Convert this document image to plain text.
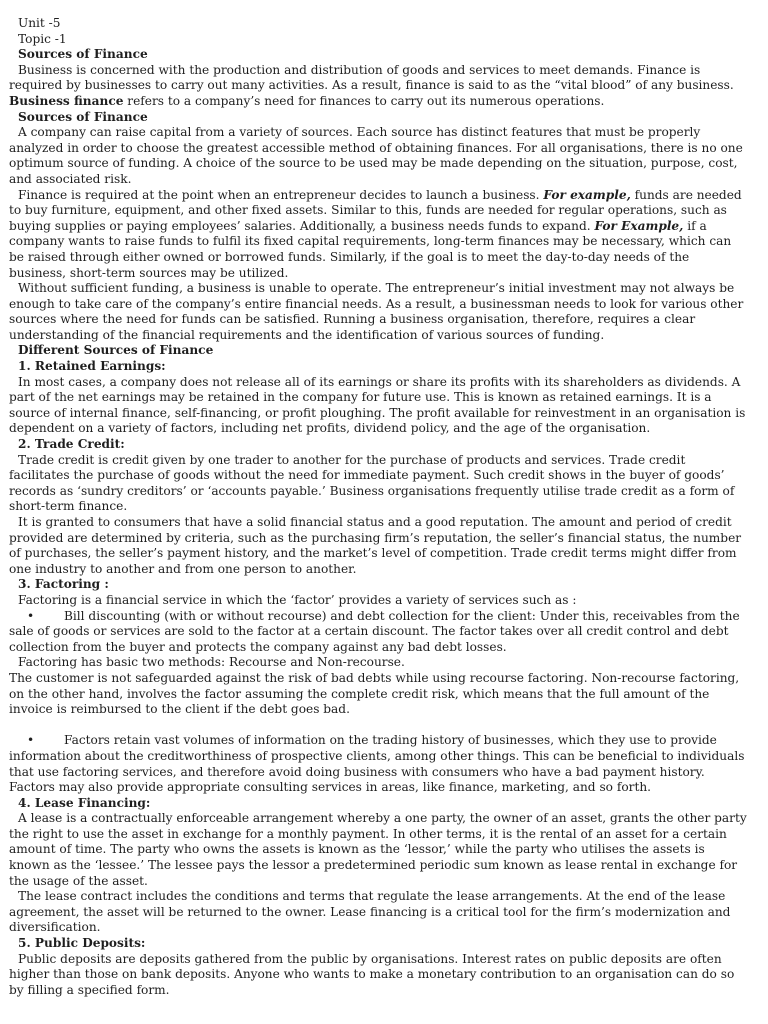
Unit -5

Topic -1

Sources of Finance

Business is concerned with the production and distribution of goods and services to meet demands. Finance is required by businesses to carry out many activities. As a result, finance is said to as the “vital blood” of any business. Business finance refers to a company’s need for finances to carry out its numerous operations.

Sources of Finance

A company can raise capital from a variety of sources. Each source has distinct features that must be properly analyzed in order to choose the greatest accessible method of obtaining finances. For all organisations, there is no one optimum source of funding. A choice of the source to be used may be made depending on the situation, purpose, cost, and associated risk.

Finance is required at the point when an entrepreneur decides to launch a business. For example, funds are needed to buy furniture, equipment, and other fixed assets. Similar to this, funds are needed for regular operations, such as buying supplies or paying employees’ salaries. Additionally, a business needs funds to expand. For Example, if a company wants to raise funds to fulfil its fixed capital requirements, long-term finances may be necessary, which can be raised through either owned or borrowed funds. Similarly, if the goal is to meet the day-to-day needs of the business, short-term sources may be utilized.

Without sufficient funding, a business is unable to operate. The entrepreneur’s initial investment may not always be enough to take care of the company’s entire financial needs. As a result, a businessman needs to look for various other sources where the need for funds can be satisfied. Running a business organisation, therefore, requires a clear understanding of the financial requirements and the identification of various sources of funding.

Different Sources of Finance

1. Retained Earnings:

In most cases, a company does not release all of its earnings or share its profits with its shareholders as dividends. A part of the net earnings may be retained in the company for future use. This is known as retained earnings. It is a source of internal finance, self-financing, or profit ploughing. The profit available for reinvestment in an organisation is dependent on a variety of factors, including net profits, dividend policy, and the age of the organisation.

2. Trade Credit:

Trade credit is credit given by one trader to another for the purchase of products and services. Trade credit facilitates the purchase of goods without the need for immediate payment. Such credit shows in the buyer of goods’ records as ‘sundry creditors’ or ‘accounts payable.’ Business organisations frequently utilise trade credit as a form of short-term finance.

It is granted to consumers that have a solid financial status and a good reputation. The amount and period of credit provided are determined by criteria, such as the purchasing firm’s reputation, the seller’s financial status, the number of purchases, the seller’s payment history, and the market’s level of competition. Trade credit terms might differ from one industry to another and from one person to another.

3. Factoring :

Factoring is a financial service in which the ‘factor’ provides a variety of services such as :

• Bill discounting (with or without recourse) and debt collection for the client: Under this, receivables from the sale of goods or services are sold to the factor at a certain discount. The factor takes over all credit control and debt collection from the buyer and protects the company against any bad debt losses.

Factoring has basic two methods: Recourse and Non-recourse.

The customer is not safeguarded against the risk of bad debts while using recourse factoring. Non-recourse factoring, on the other hand, involves the factor assuming the complete credit risk, which means that the full amount of the invoice is reimbursed to the client if the debt goes bad.

• Factors retain vast volumes of information on the trading history of businesses, which they use to provide information about the creditworthiness of prospective clients, among other things. This can be beneficial to individuals that use factoring services, and therefore avoid doing business with consumers who have a bad payment history. Factors may also provide appropriate consulting services in areas, like finance, marketing, and so forth.

4. Lease Financing:

A lease is a contractually enforceable arrangement whereby a one party, the owner of an asset, grants the other party the right to use the asset in exchange for a monthly payment. In other terms, it is the rental of an asset for a certain amount of time. The party who owns the assets is known as the ‘lessor,’ while the party who utilises the assets is known as the ‘lessee.’ The lessee pays the lessor a predetermined periodic sum known as lease rental in exchange for the usage of the asset.

The lease contract includes the conditions and terms that regulate the lease arrangements. At the end of the lease agreement, the asset will be returned to the owner. Lease financing is a critical tool for the firm’s modernization and diversification.

5. Public Deposits:

Public deposits are deposits gathered from the public by organisations. Interest rates on public deposits are often higher than those on bank deposits. Anyone who wants to make a monetary contribution to an organisation can do so by filling a specified form.
